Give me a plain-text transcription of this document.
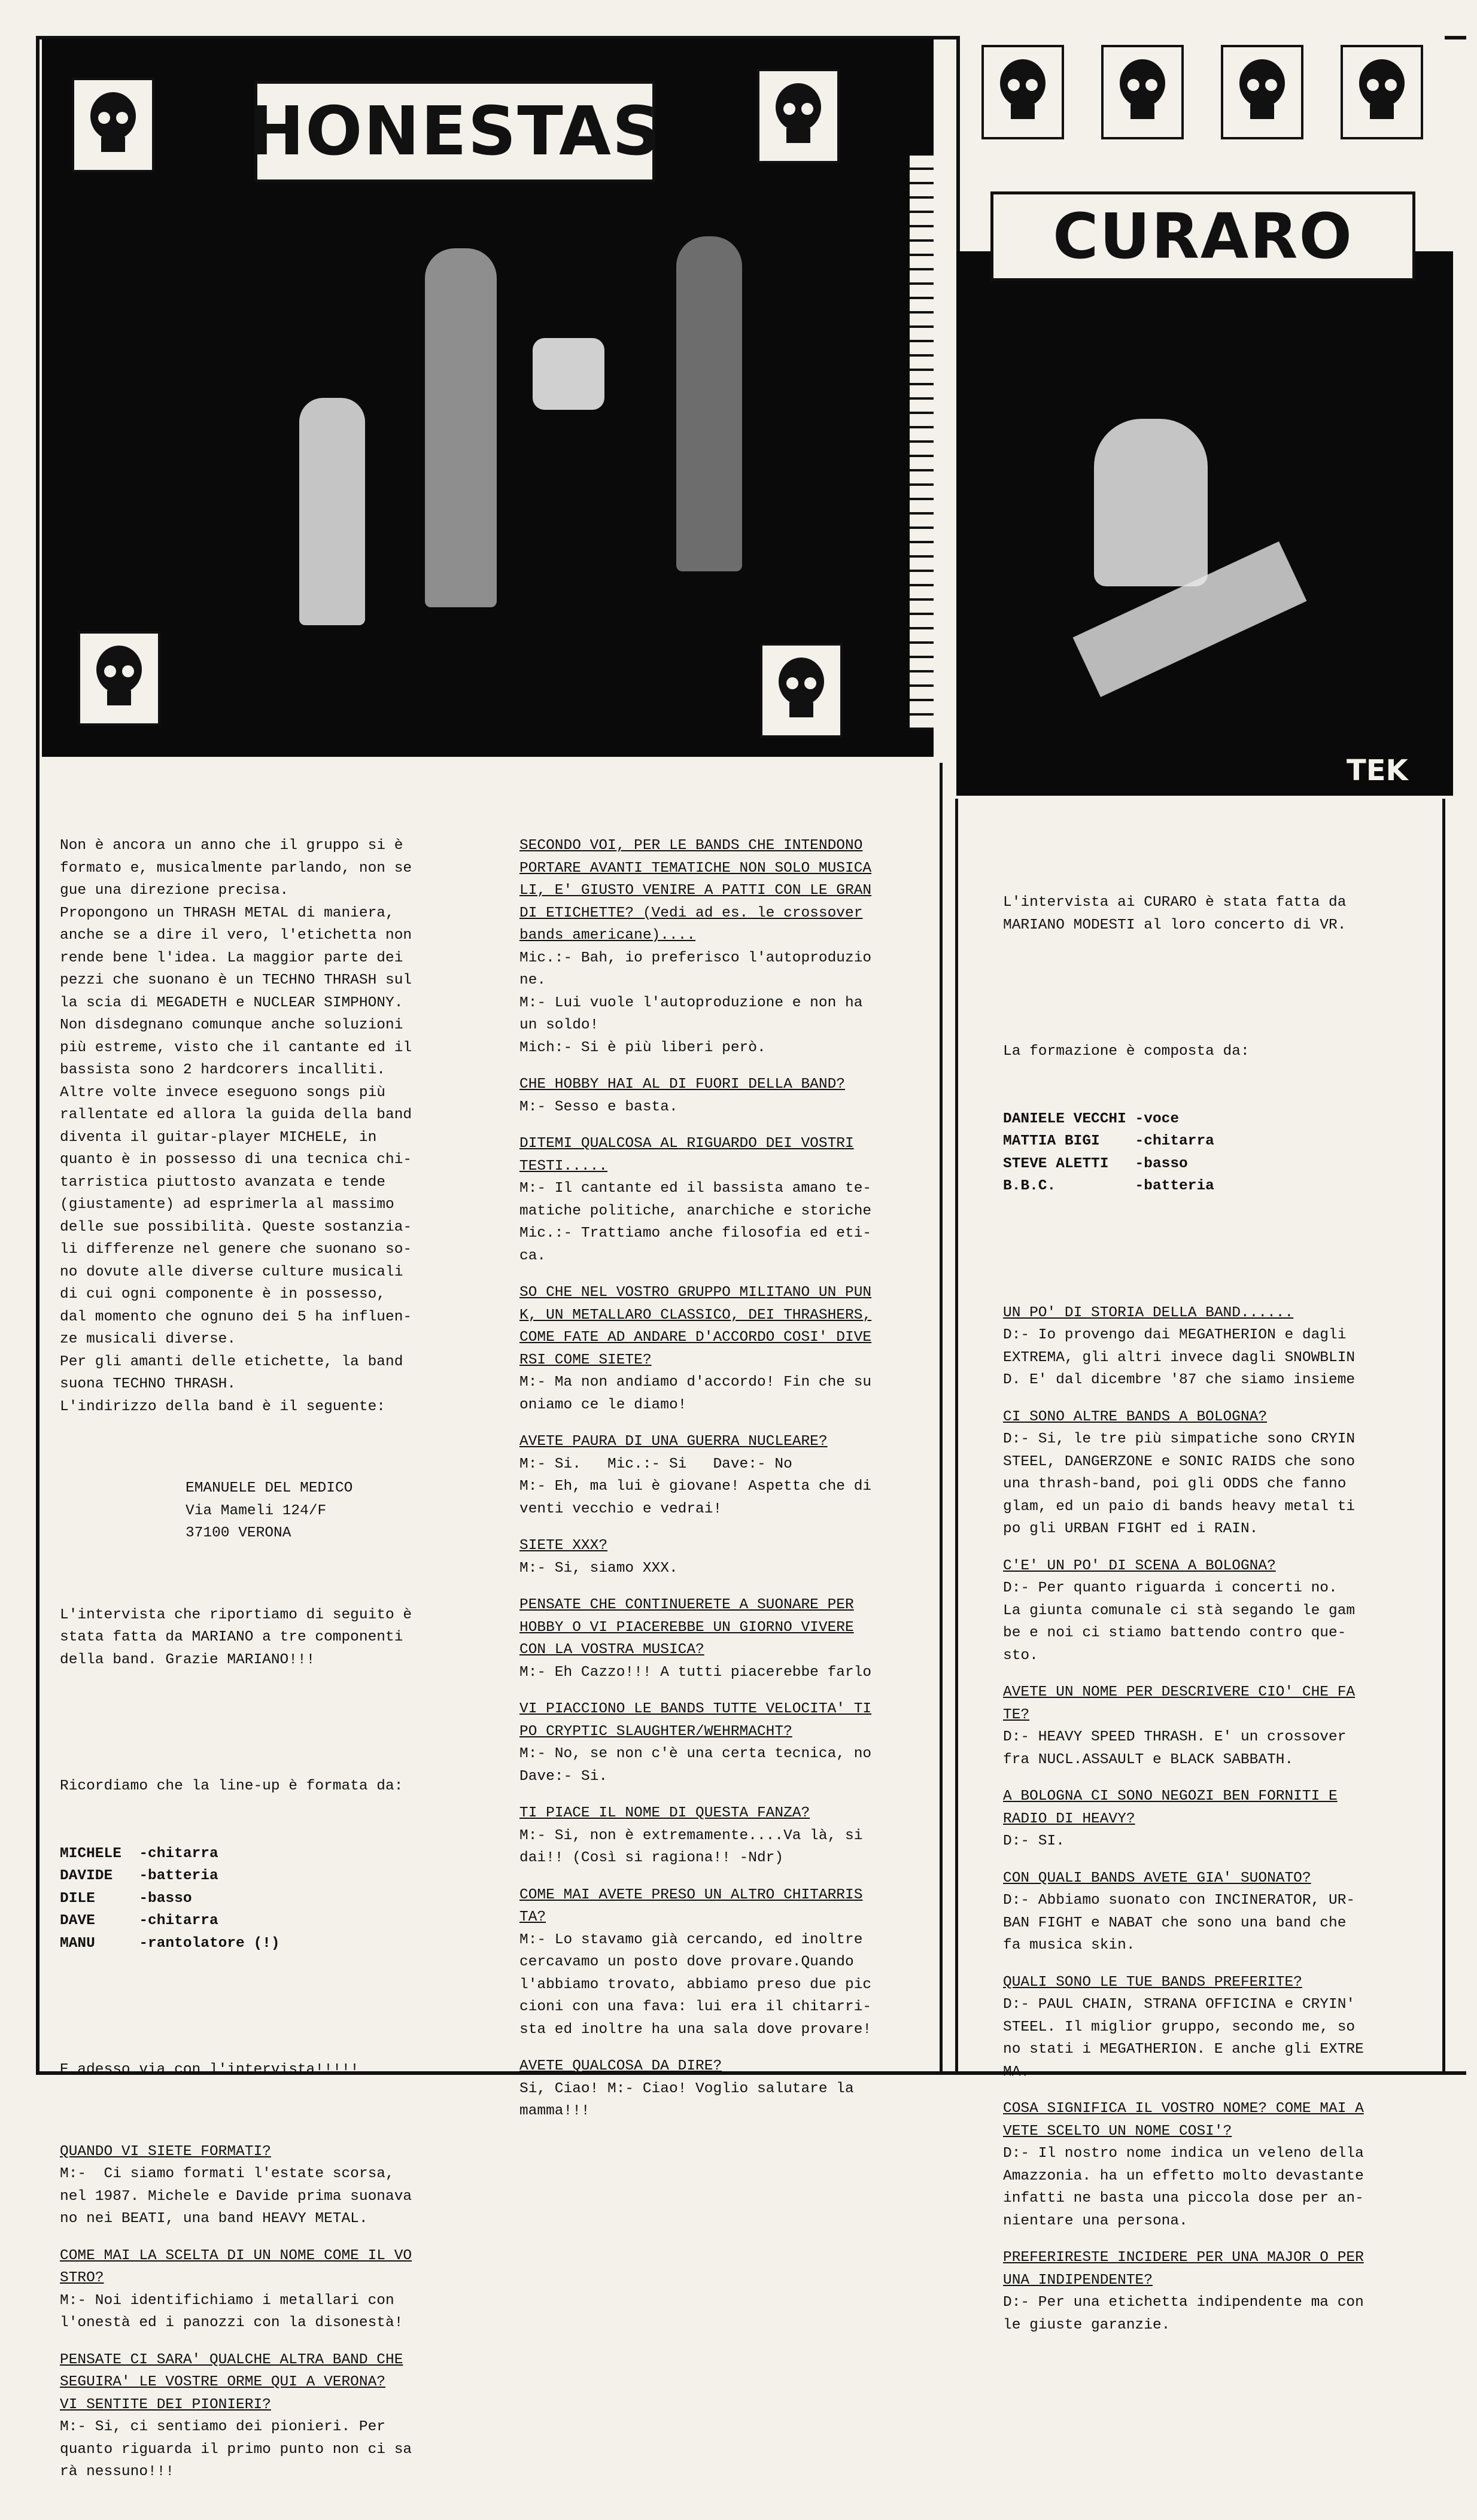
HONESTAS
CURARO
TEK

Non è ancora un anno che il gruppo si è
formato e, musicalmente parlando, non se
gue una direzione precisa.
Propongono un THRASH METAL di maniera,
anche se a dire il vero, l'etichetta non
rende bene l'idea. La maggior parte dei
pezzi che suonano è un TECHNO THRASH sul
la scia di MEGADETH e NUCLEAR SIMPHONY.
Non disdegnano comunque anche soluzioni
più estreme, visto che il cantante ed il
bassista sono 2 hardcorers incalliti.
Altre volte invece eseguono songs più
rallentate ed allora la guida della band
diventa il guitar-player MICHELE, in
quanto è in possesso di una tecnica chi-
tarristica piuttosto avanzata e tende
(giustamente) ad esprimerla al massimo
delle sue possibilità. Queste sostanzia-
li differenze nel genere che suonano so-
no dovute alle diverse culture musicali
di cui ogni componente è in possesso,
dal momento che ognuno dei 5 ha influen-
ze musicali diverse.
Per gli amanti delle etichette, la band
suona TECHNO THRASH.
L'indirizzo della band è il seguente:

EMANUELE DEL MEDICO
Via Mameli 124/F
37100 VERONA

L'intervista che riportiamo di seguito è
stata fatta da MARIANO a tre componenti
della band. Grazie MARIANO!!!

Ricordiamo che la line-up è formata da:

MICHELE  -chitarra
DAVIDE   -batteria
DILE     -basso
DAVE     -chitarra
MANU     -rantolatore (!)

E adesso via con l'intervista!!!!!

QUANDO VI SIETE FORMATI?
M:-  Ci siamo formati l'estate scorsa,
nel 1987. Michele e Davide prima suonava
no nei BEATI, una band HEAVY METAL.
COME MAI LA SCELTA DI UN NOME COME IL VO
STRO?
M:- Noi identifichiamo i metallari con
l'onestà ed i panozzi con la disonestà!
PENSATE CI SARA' QUALCHE ALTRA BAND CHE
SEGUIRA' LE VOSTRE ORME QUI A VERONA?
VI SENTITE DEI PIONIERI?
M:- Si, ci sentiamo dei pionieri. Per
quanto riguarda il primo punto non ci sa
rà nessuno!!!

SECONDO VOI, PER LE BANDS CHE INTENDONO
PORTARE AVANTI TEMATICHE NON SOLO MUSICA
LI, E' GIUSTO VENIRE A PATTI CON LE GRAN
DI ETICHETTE? (Vedi ad es. le crossover
bands americane)....
Mic.:- Bah, io preferisco l'autoproduzio
ne.
M:- Lui vuole l'autoproduzione e non ha
un soldo!
Mich:- Si è più liberi però.
CHE HOBBY HAI AL DI FUORI DELLA BAND?
M:- Sesso e basta.
DITEMI QUALCOSA AL RIGUARDO DEI VOSTRI
TESTI.....
M:- Il cantante ed il bassista amano te-
matiche politiche, anarchiche e storiche
Mic.:- Trattiamo anche filosofia ed eti-
ca.
SO CHE NEL VOSTRO GRUPPO MILITANO UN PUN
K, UN METALLARO CLASSICO, DEI THRASHERS,
COME FATE AD ANDARE D'ACCORDO COSI' DIVE
RSI COME SIETE?
M:- Ma non andiamo d'accordo! Fin che su
oniamo ce le diamo!
AVETE PAURA DI UNA GUERRA NUCLEARE?
M:- Si.   Mic.:- Si   Dave:- No
M:- Eh, ma lui è giovane! Aspetta che di
venti vecchio e vedrai!
SIETE XXX?
M:- Si, siamo XXX.
PENSATE CHE CONTINUERETE A SUONARE PER
HOBBY O VI PIACEREBBE UN GIORNO VIVERE
CON LA VOSTRA MUSICA?
M:- Eh Cazzo!!! A tutti piacerebbe farlo
VI PIACCIONO LE BANDS TUTTE VELOCITA' TI
PO CRYPTIC SLAUGHTER/WEHRMACHT?
M:- No, se non c'è una certa tecnica, no
Dave:- Si.
TI PIACE IL NOME DI QUESTA FANZA?
M:- Si, non è extremamente....Va là, si
dai!! (Così si ragiona!! -Ndr)
COME MAI AVETE PRESO UN ALTRO CHITARRIS
TA?
M:- Lo stavamo già cercando, ed inoltre
cercavamo un posto dove provare.Quando
l'abbiamo trovato, abbiamo preso due pic
cioni con una fava: lui era il chitarri-
sta ed inoltre ha una sala dove provare!
AVETE QUALCOSA DA DIRE?
Si, Ciao! M:- Ciao! Voglio salutare la
mamma!!!

L'intervista ai CURARO è stata fatta da
MARIANO MODESTI al loro concerto di VR.

La formazione è composta da:

DANIELE VECCHI -voce
MATTIA BIGI    -chitarra
STEVE ALETTI   -basso
B.B.C.         -batteria

UN PO' DI STORIA DELLA BAND......
D:- Io provengo dai MEGATHERION e dagli
EXTREMA, gli altri invece dagli SNOWBLIN
D. E' dal dicembre '87 che siamo insieme
CI SONO ALTRE BANDS A BOLOGNA?
D:- Si, le tre più simpatiche sono CRYIN
STEEL, DANGERZONE e SONIC RAIDS che sono
una thrash-band, poi gli ODDS che fanno
glam, ed un paio di bands heavy metal ti
po gli URBAN FIGHT ed i RAIN.
C'E' UN PO' DI SCENA A BOLOGNA?
D:- Per quanto riguarda i concerti no.
La giunta comunale ci stà segando le gam
be e noi ci stiamo battendo contro que-
sto.
AVETE UN NOME PER DESCRIVERE CIO' CHE FA
TE?
D:- HEAVY SPEED THRASH. E' un crossover
fra NUCL.ASSAULT e BLACK SABBATH.
A BOLOGNA CI SONO NEGOZI BEN FORNITI E
RADIO DI HEAVY?
D:- SI.
CON QUALI BANDS AVETE GIA' SUONATO?
D:- Abbiamo suonato con INCINERATOR, UR-
BAN FIGHT e NABAT che sono una band che
fa musica skin.
QUALI SONO LE TUE BANDS PREFERITE?
D:- PAUL CHAIN, STRANA OFFICINA e CRYIN'
STEEL. Il miglior gruppo, secondo me, so
no stati i MEGATHERION. E anche gli EXTRE
MA.
COSA SIGNIFICA IL VOSTRO NOME? COME MAI A
VETE SCELTO UN NOME COSI'?
D:- Il nostro nome indica un veleno della
Amazzonia. ha un effetto molto devastante
infatti ne basta una piccola dose per an-
nientare una persona.
PREFERIRESTE INCIDERE PER UNA MAJOR O PER
UNA INDIPENDENTE?
D:- Per una etichetta indipendente ma con
le giuste garanzie.
